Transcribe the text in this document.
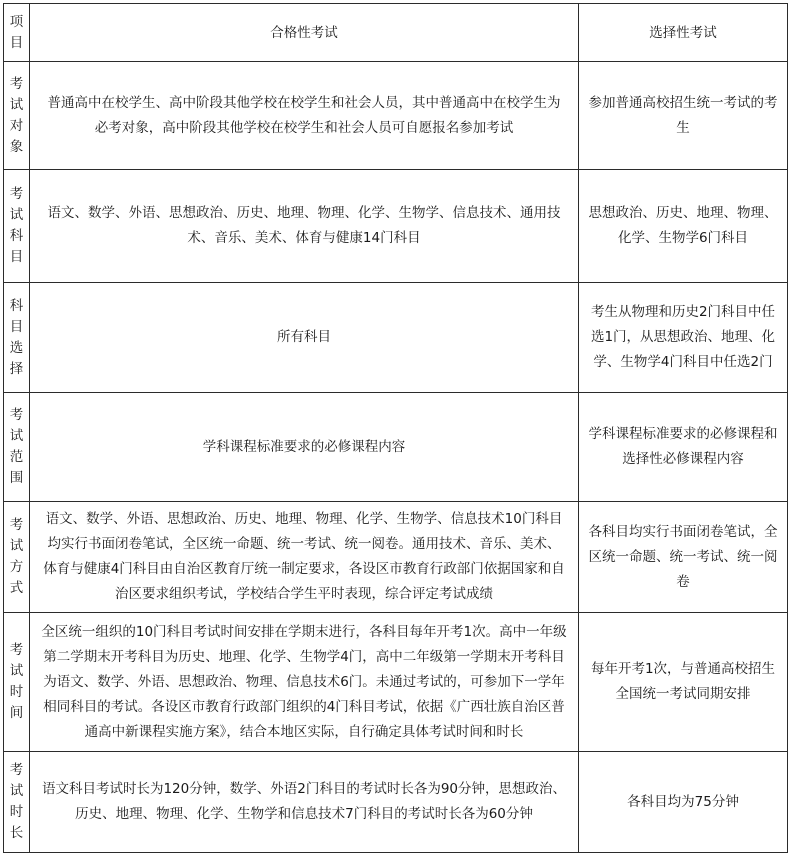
项
目	合格性考试	选择性考试

考
试
对
象	普通高中在校学生、高中阶段其他学校在校学生和社会人员，其中普通高中在校学生为必考对象，高中阶段其他学校在校学生和社会人员可自愿报名参加考试	参加普通高校招生统一考试的考生

考
试
科
目	语文、数学、外语、思想政治、历史、地理、物理、化学、生物学、信息技术、通用技术、音乐、美术、体育与健康14门科目	思想政治、历史、地理、物理、化学、生物学6门科目

科
目
选
择	所有科目	考生从物理和历史2门科目中任选1门，从思想政治、地理、化学、生物学4门科目中任选2门

考
试
范
围	学科课程标准要求的必修课程内容	学科课程标准要求的必修课程和选择性必修课程内容

考
试
方
式	语文、数学、外语、思想政治、历史、地理、物理、化学、生物学、信息技术10门科目均实行书面闭卷笔试，全区统一命题、统一考试、统一阅卷。通用技术、音乐、美术、体育与健康4门科目由自治区教育厅统一制定要求，各设区市教育行政部门依据国家和自治区要求组织考试，学校结合学生平时表现，综合评定考试成绩	各科目均实行书面闭卷笔试，全区统一命题、统一考试、统一阅卷

考
试
时
间	全区统一组织的10门科目考试时间安排在学期末进行，各科目每年开考1次。高中一年级第二学期末开考科目为历史、地理、化学、生物学4门，高中二年级第一学期末开考科目为语文、数学、外语、思想政治、物理、信息技术6门。未通过考试的，可参加下一学年相同科目的考试。各设区市教育行政部门组织的4门科目考试，依据《广西壮族自治区普通高中新课程实施方案》，结合本地区实际，自行确定具体考试时间和时长	每年开考1次，与普通高校招生全国统一考试同期安排

考
试
时
长	语文科目考试时长为120分钟，数学、外语2门科目的考试时长各为90分钟，思想政治、历史、地理、物理、化学、生物学和信息技术7门科目的考试时长各为60分钟	各科目均为75分钟
